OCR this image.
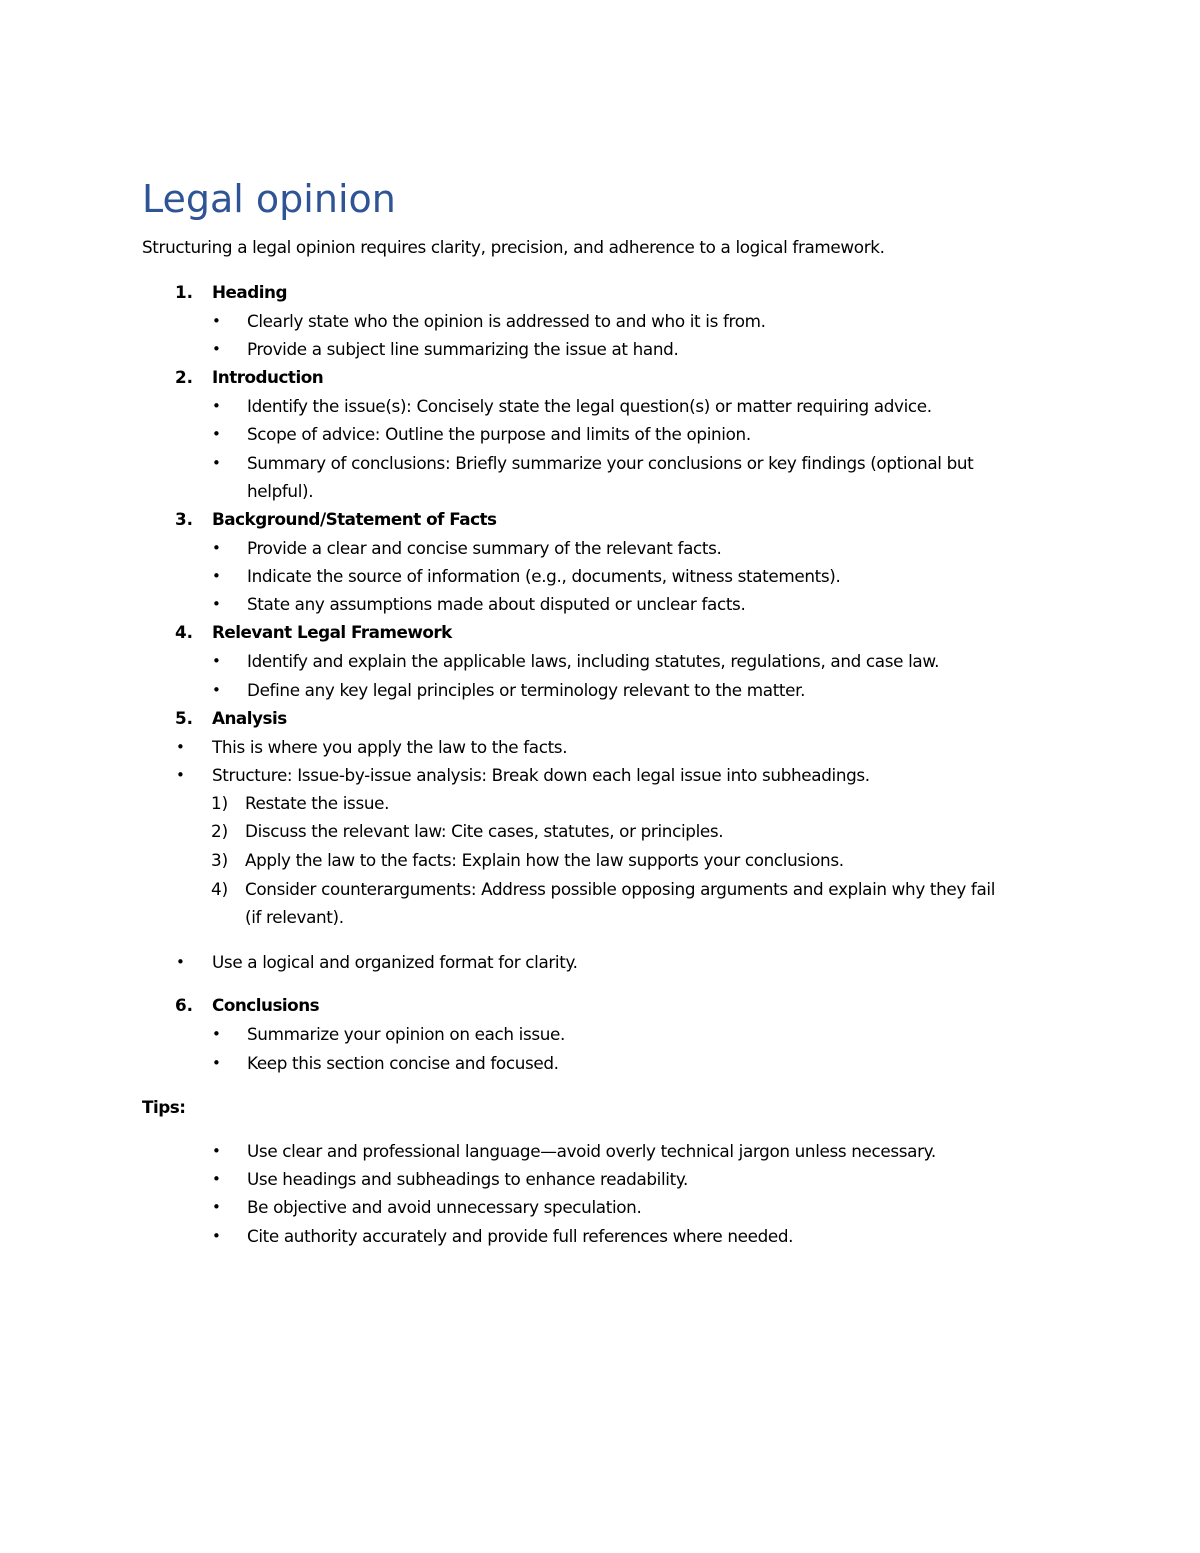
Legal opinion
Structuring a legal opinion requires clarity, precision, and adherence to a logical framework.
1. Heading
• Clearly state who the opinion is addressed to and who it is from.
• Provide a subject line summarizing the issue at hand.
2. Introduction
• Identify the issue(s): Concisely state the legal question(s) or matter requiring advice.
• Scope of advice: Outline the purpose and limits of the opinion.
• Summary of conclusions: Briefly summarize your conclusions or key findings (optional but
helpful).
3. Background/Statement of Facts
• Provide a clear and concise summary of the relevant facts.
• Indicate the source of information (e.g., documents, witness statements).
• State any assumptions made about disputed or unclear facts.
4. Relevant Legal Framework
• Identify and explain the applicable laws, including statutes, regulations, and case law.
• Define any key legal principles or terminology relevant to the matter.
5. Analysis
• This is where you apply the law to the facts.
• Structure: Issue-by-issue analysis: Break down each legal issue into subheadings.
1) Restate the issue.
2) Discuss the relevant law: Cite cases, statutes, or principles.
3) Apply the law to the facts: Explain how the law supports your conclusions.
4) Consider counterarguments: Address possible opposing arguments and explain why they fail
(if relevant).
• Use a logical and organized format for clarity.
6. Conclusions
• Summarize your opinion on each issue.
• Keep this section concise and focused.
Tips:
• Use clear and professional language—avoid overly technical jargon unless necessary.
• Use headings and subheadings to enhance readability.
• Be objective and avoid unnecessary speculation.
• Cite authority accurately and provide full references where needed.
